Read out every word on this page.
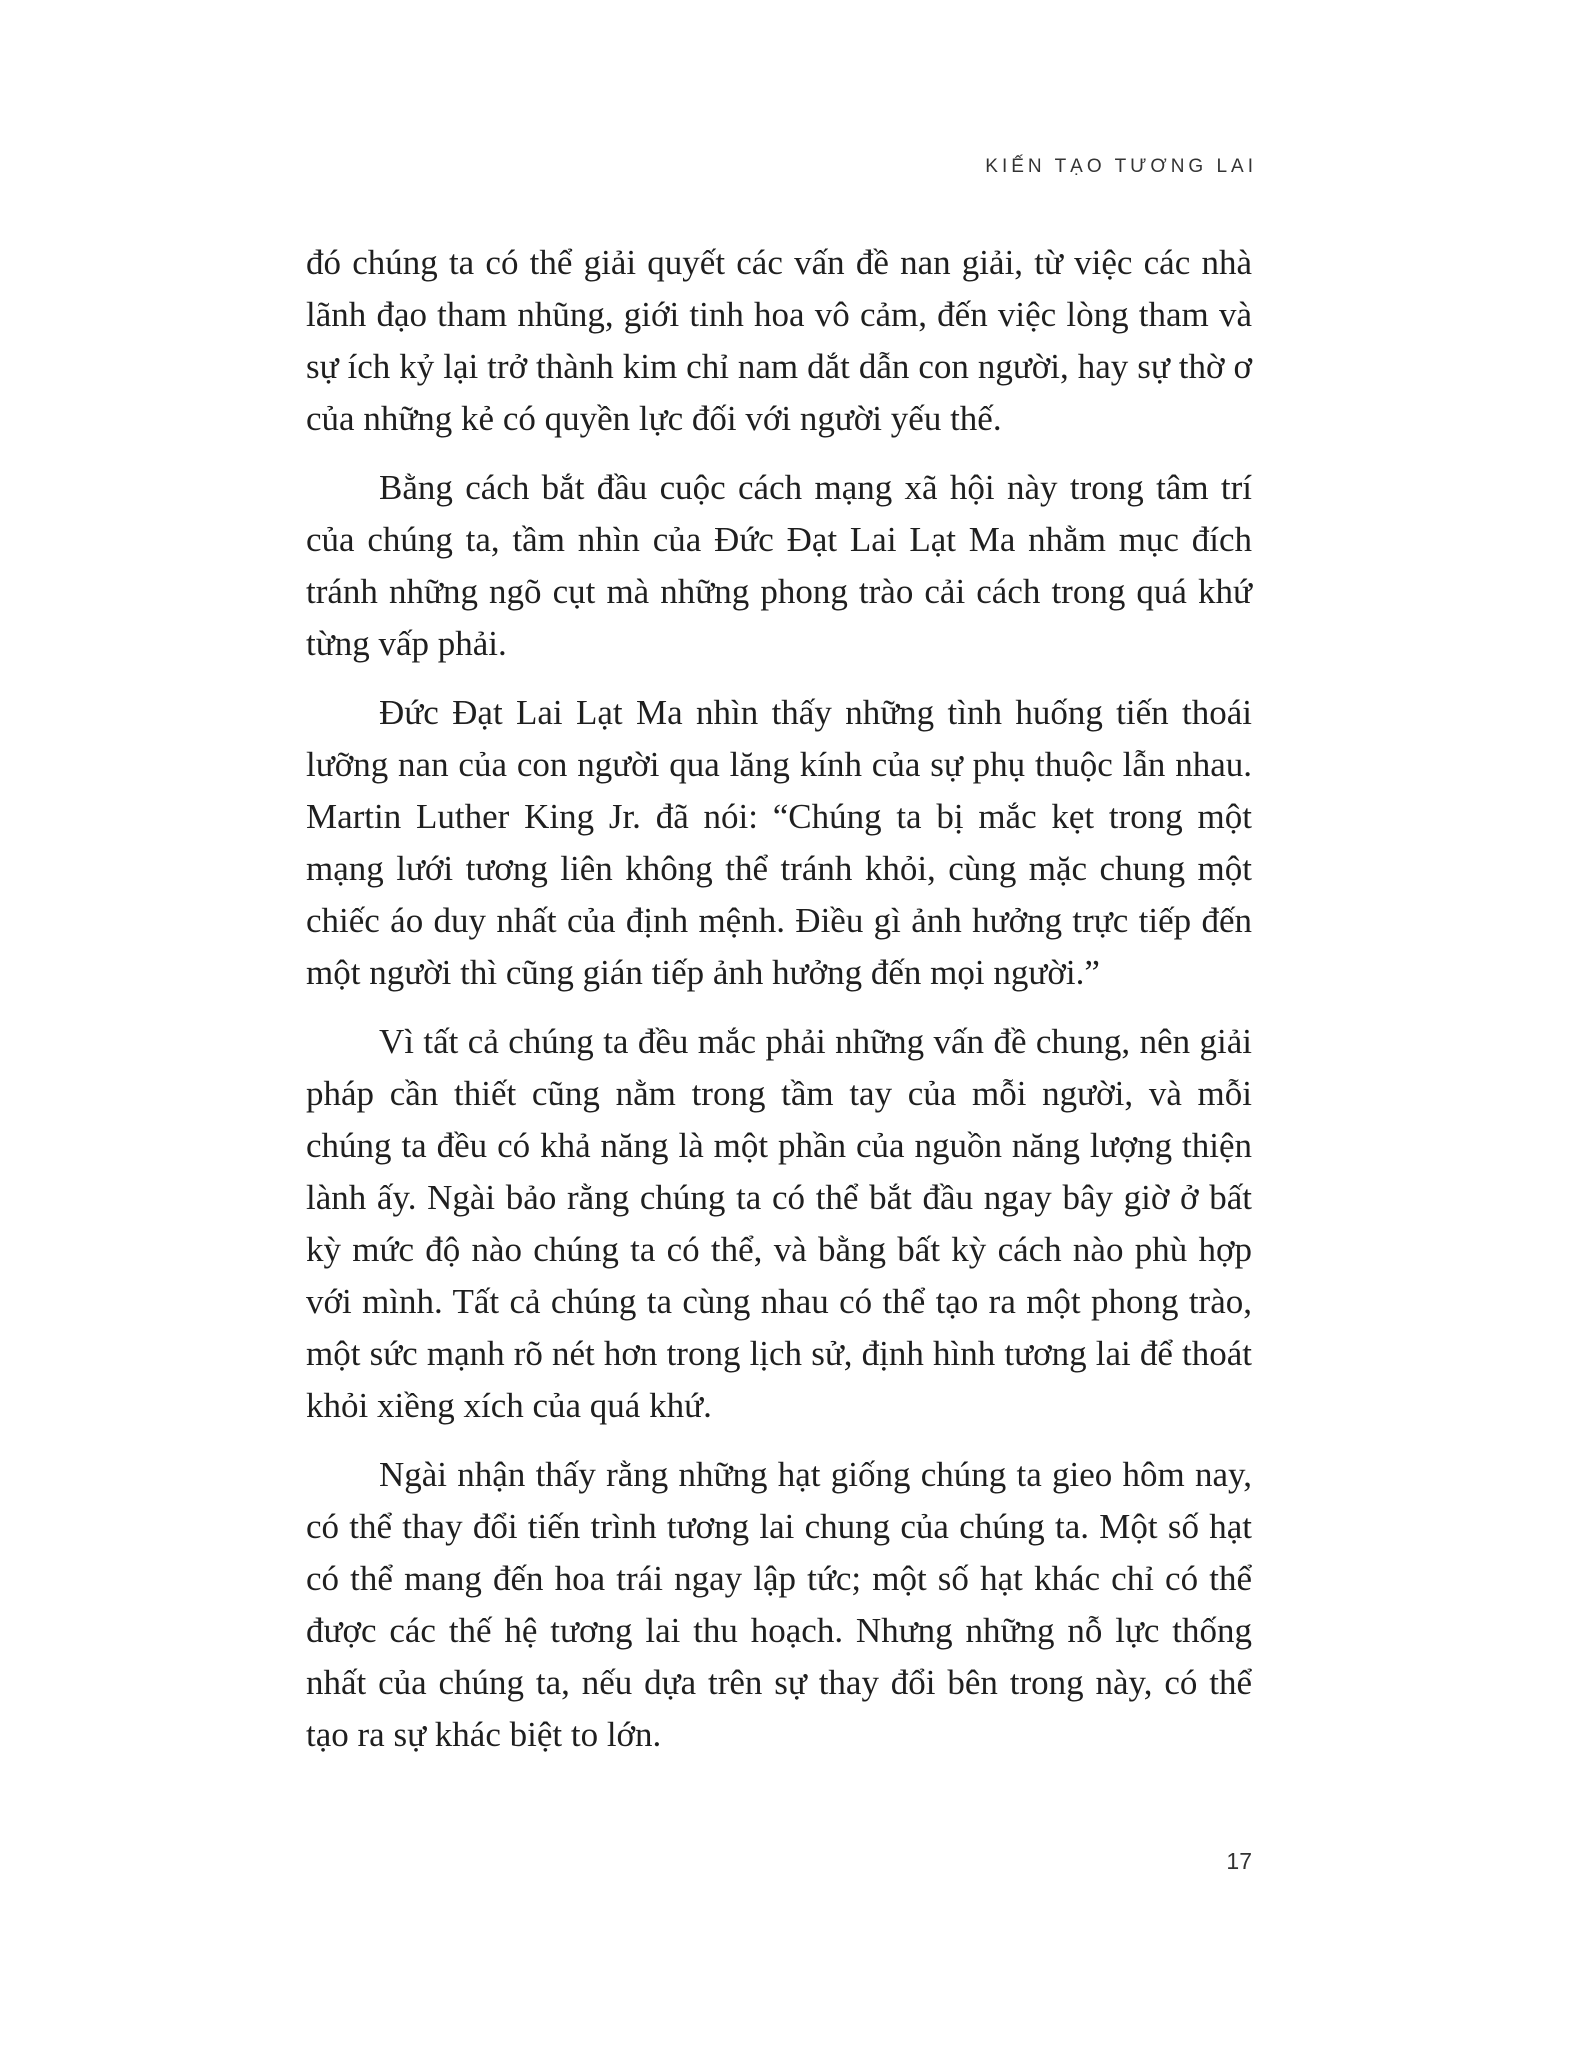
KIẾN TẠO TƯƠNG LAI

đó chúng ta có thể giải quyết các vấn đề nan giải, từ việc các nhà lãnh đạo tham nhũng, giới tinh hoa vô cảm, đến việc lòng tham và sự ích kỷ lại trở thành kim chỉ nam dắt dẫn con người, hay sự thờ ơ của những kẻ có quyền lực đối với người yếu thế.

Bằng cách bắt đầu cuộc cách mạng xã hội này trong tâm trí của chúng ta, tầm nhìn của Đức Đạt Lai Lạt Ma nhằm mục đích tránh những ngõ cụt mà những phong trào cải cách trong quá khứ từng vấp phải.

Đức Đạt Lai Lạt Ma nhìn thấy những tình huống tiến thoái lưỡng nan của con người qua lăng kính của sự phụ thuộc lẫn nhau. Martin Luther King Jr. đã nói: “Chúng ta bị mắc kẹt trong một mạng lưới tương liên không thể tránh khỏi, cùng mặc chung một chiếc áo duy nhất của định mệnh. Điều gì ảnh hưởng trực tiếp đến một người thì cũng gián tiếp ảnh hưởng đến mọi người.”

Vì tất cả chúng ta đều mắc phải những vấn đề chung, nên giải pháp cần thiết cũng nằm trong tầm tay của mỗi người, và mỗi chúng ta đều có khả năng là một phần của nguồn năng lượng thiện lành ấy. Ngài bảo rằng chúng ta có thể bắt đầu ngay bây giờ ở bất kỳ mức độ nào chúng ta có thể, và bằng bất kỳ cách nào phù hợp với mình. Tất cả chúng ta cùng nhau có thể tạo ra một phong trào, một sức mạnh rõ nét hơn trong lịch sử, định hình tương lai để thoát khỏi xiềng xích của quá khứ.

Ngài nhận thấy rằng những hạt giống chúng ta gieo hôm nay, có thể thay đổi tiến trình tương lai chung của chúng ta. Một số hạt có thể mang đến hoa trái ngay lập tức; một số hạt khác chỉ có thể được các thế hệ tương lai thu hoạch. Nhưng những nỗ lực thống nhất của chúng ta, nếu dựa trên sự thay đổi bên trong này, có thể tạo ra sự khác biệt to lớn.

17
